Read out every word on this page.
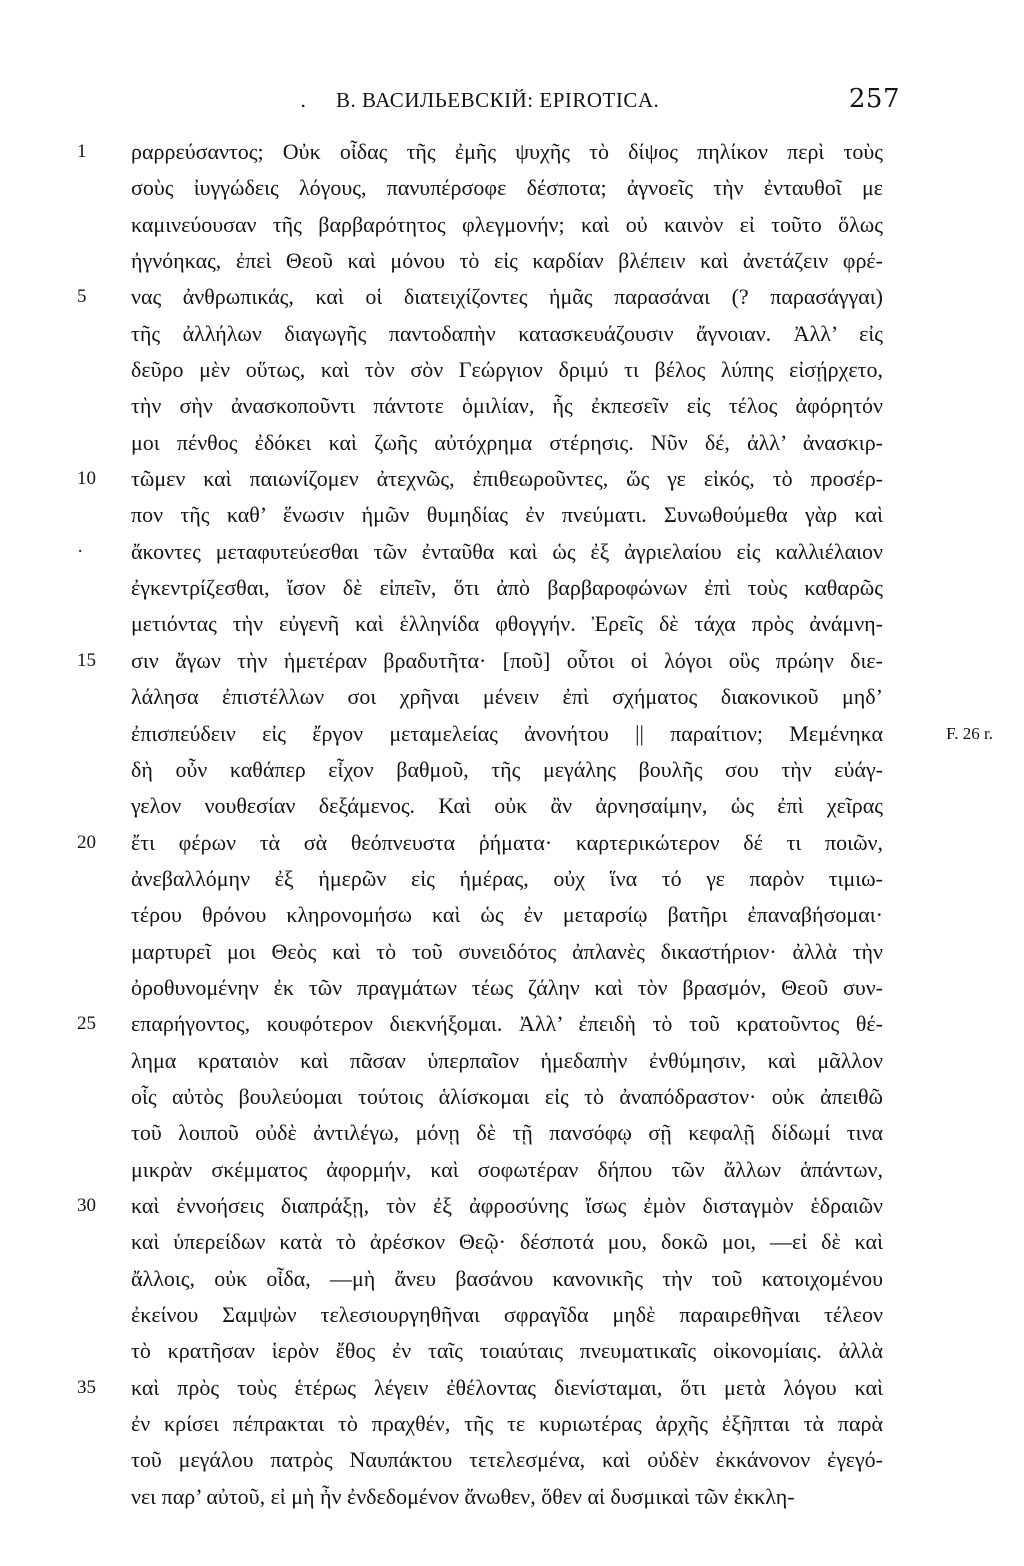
. В. ВАСИЛЬЕВСКІЙ: EPIROTICA.	257
1	ραρρεύσαντος; Οὐκ οἶδας τῆς ἐμῆς ψυχῆς τὸ δίψος πηλίκον περὶ τοὺς
σοὺς ἰυγγώδεις λόγους, πανυπέρσοφε δέσποτα; ἀγνοεῖς τὴν ἐνταυθοῖ με
καμινεύουσαν τῆς βαρβαρότητος φλεγμονήν; καὶ οὐ καινὸν εἰ τοῦτο ὅλως
ἠγνόηκας, ἐπεὶ Θεοῦ καὶ μόνου τὸ εἰς καρδίαν βλέπειν καὶ ἀνετάζειν φρέ-
5	νας ἀνθρωπικάς, καὶ οἱ διατειχίζοντες ἡμᾶς παρασάναι (? παρασάγγαι)
τῆς ἀλλήλων διαγωγῆς παντοδαπὴν κατασκευάζουσιν ἄγνοιαν. Ἀλλ’ εἰς
δεῦρο μὲν οὕτως, καὶ τὸν σὸν Γεώργιον δριμύ τι βέλος λύπης εἰσῄρχετο,
τὴν σὴν ἀνασκοποῦντι πάντοτε ὁμιλίαν, ἧς ἐκπεσεῖν εἰς τέλος ἀφόρητόν
μοι πένθος ἐδόκει καὶ ζωῆς αὐτόχρημα στέρησις. Νῦν δέ, ἀλλ’ ἀνασκιρ-
10	τῶμεν καὶ παιωνίζομεν ἀτεχνῶς, ἐπιθεωροῦντες, ὥς γε εἰκός, τὸ προσέρ-
πον τῆς καθ’ ἕνωσιν ἡμῶν θυμηδίας ἐν πνεύματι. Συνωθούμεθα γὰρ καὶ
·	ἄκοντες μεταφυτεύεσθαι τῶν ἐνταῦθα καὶ ὡς ἐξ ἀγριελαίου εἰς καλλιέλαιον
ἐγκεντρίζεσθαι, ἴσον δὲ εἰπεῖν, ὅτι ἀπὸ βαρβαροφώνων ἐπὶ τοὺς καθαρῶς
μετιόντας τὴν εὐγενῆ καὶ ἑλληνίδα φθογγήν. Ἐρεῖς δὲ τάχα πρὸς ἀνάμνη-
15	σιν ἄγων τὴν ἡμετέραν βραδυτῆτα· [ποῦ] οὗτοι οἱ λόγοι οὓς πρώην διε-
λάλησα ἐπιστέλλων σοι χρῆναι μένειν ἐπὶ σχήματος διακονικοῦ μηδ’
ἐπισπεύδειν εἰς ἔργον μεταμελείας ἀνονήτου || παραίτιον; Μεμένηκα	F. 26 r.
δὴ οὖν καθάπερ εἶχον βαθμοῦ, τῆς μεγάλης βουλῆς σου τὴν εὐάγ-
γελον νουθεσίαν δεξάμενος. Καὶ οὐκ ἂν ἀρνησαίμην, ὡς ἐπὶ χεῖρας
20	ἔτι φέρων τὰ σὰ θεόπνευστα ῥήματα· καρτερικώτερον δέ τι ποιῶν,
ἀνεβαλλόμην ἐξ ἡμερῶν εἰς ἡμέρας, οὐχ ἵνα τό γε παρὸν τιμιω-
τέρου θρόνου κληρονομήσω καὶ ὡς ἐν μεταρσίῳ βατῆρι ἐπαναβήσομαι·
μαρτυρεῖ μοι Θεὸς καὶ τὸ τοῦ συνειδότος ἀπλανὲς δικαστήριον· ἀλλὰ τὴν
ὀροθυνομένην ἐκ τῶν πραγμάτων τέως ζάλην καὶ τὸν βρασμόν, Θεοῦ συν-
25	επαρήγοντος, κουφότερον διεκνήξομαι. Ἀλλ’ ἐπειδὴ τὸ τοῦ κρατοῦντος θέ-
λημα κραταιὸν καὶ πᾶσαν ὑπερπαῖον ἡμεδαπὴν ἐνθύμησιν, καὶ μᾶλλον
οἷς αὐτὸς βουλεύομαι τούτοις ἁλίσκομαι εἰς τὸ ἀναπόδραστον· οὐκ ἀπειθῶ
τοῦ λοιποῦ οὐδὲ ἀντιλέγω, μόνῃ δὲ τῇ πανσόφῳ σῇ κεφαλῇ δίδωμί τινα
μικρὰν σκέμματος ἀφορμήν, καὶ σοφωτέραν δήπου τῶν ἄλλων ἁπάντων,
30	καὶ ἐννοήσεις διαπράξῃ, τὸν ἐξ ἀφροσύνης ἴσως ἐμὸν δισταγμὸν ἑδραιῶν
καὶ ὑπερείδων κατὰ τὸ ἀρέσκον Θεῷ· δέσποτά μου, δοκῶ μοι, —εἰ δὲ καὶ
ἄλλοις, οὐκ οἶδα, —μὴ ἄνευ βασάνου κανονικῆς τὴν τοῦ κατοιχομένου
ἐκείνου Σαμψὼν τελεσιουργηθῆναι σφραγῖδα μηδὲ παραιρεθῆναι τέλεον
τὸ κρατῆσαν ἱερὸν ἔθος ἐν ταῖς τοιαύταις πνευματικαῖς οἰκονομίαις. ἀλλὰ
35	καὶ πρὸς τοὺς ἑτέρως λέγειν ἐθέλοντας διενίσταμαι, ὅτι μετὰ λόγου καὶ
ἐν κρίσει πέπρακται τὸ πραχθέν, τῆς τε κυριωτέρας ἀρχῆς ἐξῆπται τὰ παρὰ
τοῦ μεγάλου πατρὸς Ναυπάκτου τετελεσμένα, καὶ οὐδὲν ἐκκάνονον ἐγεγό-
νει παρ’ αὐτοῦ, εἰ μὴ ἦν ἐνδεδομένον ἄνωθεν, ὅθεν αἱ δυσμικαὶ τῶν ἐκκλη-
